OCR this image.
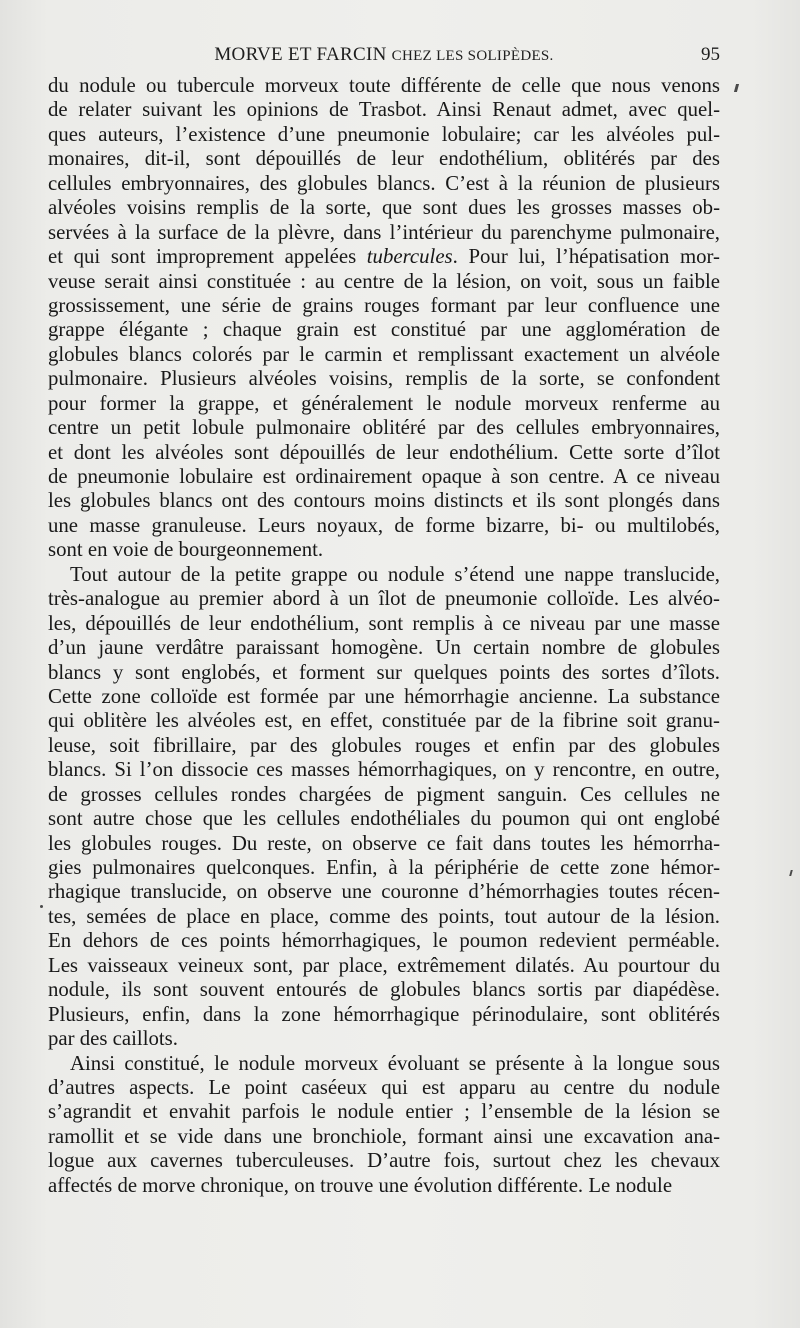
MORVE ET FARCIN CHEZ LES SOLIPÈDES.	95
du nodule ou tubercule morveux toute différente de celle que nous venons
de relater suivant les opinions de Trasbot. Ainsi Renaut admet, avec quel-
ques auteurs, l’existence d’une pneumonie lobulaire; car les alvéoles pul-
monaires, dit-il, sont dépouillés de leur endothélium, oblitérés par des
cellules embryonnaires, des globules blancs. C’est à la réunion de plusieurs
alvéoles voisins remplis de la sorte, que sont dues les grosses masses ob-
servées à la surface de la plèvre, dans l’intérieur du parenchyme pulmonaire,
et qui sont improprement appelées tubercules. Pour lui, l’hépatisation mor-
veuse serait ainsi constituée : au centre de la lésion, on voit, sous un faible
grossissement, une série de grains rouges formant par leur confluence une
grappe élégante ; chaque grain est constitué par une agglomération de
globules blancs colorés par le carmin et remplissant exactement un alvéole
pulmonaire. Plusieurs alvéoles voisins, remplis de la sorte, se confondent
pour former la grappe, et généralement le nodule morveux renferme au
centre un petit lobule pulmonaire oblitéré par des cellules embryonnaires,
et dont les alvéoles sont dépouillés de leur endothélium. Cette sorte d’îlot
de pneumonie lobulaire est ordinairement opaque à son centre. A ce niveau
les globules blancs ont des contours moins distincts et ils sont plongés dans
une masse granuleuse. Leurs noyaux, de forme bizarre, bi- ou multilobés,
sont en voie de bourgeonnement.
Tout autour de la petite grappe ou nodule s’étend une nappe translucide,
très-analogue au premier abord à un îlot de pneumonie colloïde. Les alvéo-
les, dépouillés de leur endothélium, sont remplis à ce niveau par une masse
d’un jaune verdâtre paraissant homogène. Un certain nombre de globules
blancs y sont englobés, et forment sur quelques points des sortes d’îlots.
Cette zone colloïde est formée par une hémorrhagie ancienne. La substance
qui oblitère les alvéoles est, en effet, constituée par de la fibrine soit granu-
leuse, soit fibrillaire, par des globules rouges et enfin par des globules
blancs. Si l’on dissocie ces masses hémorrhagiques, on y rencontre, en outre,
de grosses cellules rondes chargées de pigment sanguin. Ces cellules ne
sont autre chose que les cellules endothéliales du poumon qui ont englobé
les globules rouges. Du reste, on observe ce fait dans toutes les hémorrha-
gies pulmonaires quelconques. Enfin, à la périphérie de cette zone hémor-
rhagique translucide, on observe une couronne d’hémorrhagies toutes récen-
tes, semées de place en place, comme des points, tout autour de la lésion.
En dehors de ces points hémorrhagiques, le poumon redevient perméable.
Les vaisseaux veineux sont, par place, extrêmement dilatés. Au pourtour du
nodule, ils sont souvent entourés de globules blancs sortis par diapédèse.
Plusieurs, enfin, dans la zone hémorrhagique périnodulaire, sont oblitérés
par des caillots.
Ainsi constitué, le nodule morveux évoluant se présente à la longue sous
d’autres aspects. Le point caséeux qui est apparu au centre du nodule
s’agrandit et envahit parfois le nodule entier ; l’ensemble de la lésion se
ramollit et se vide dans une bronchiole, formant ainsi une excavation ana-
logue aux cavernes tuberculeuses. D’autre fois, surtout chez les chevaux
affectés de morve chronique, on trouve une évolution différente. Le nodule
